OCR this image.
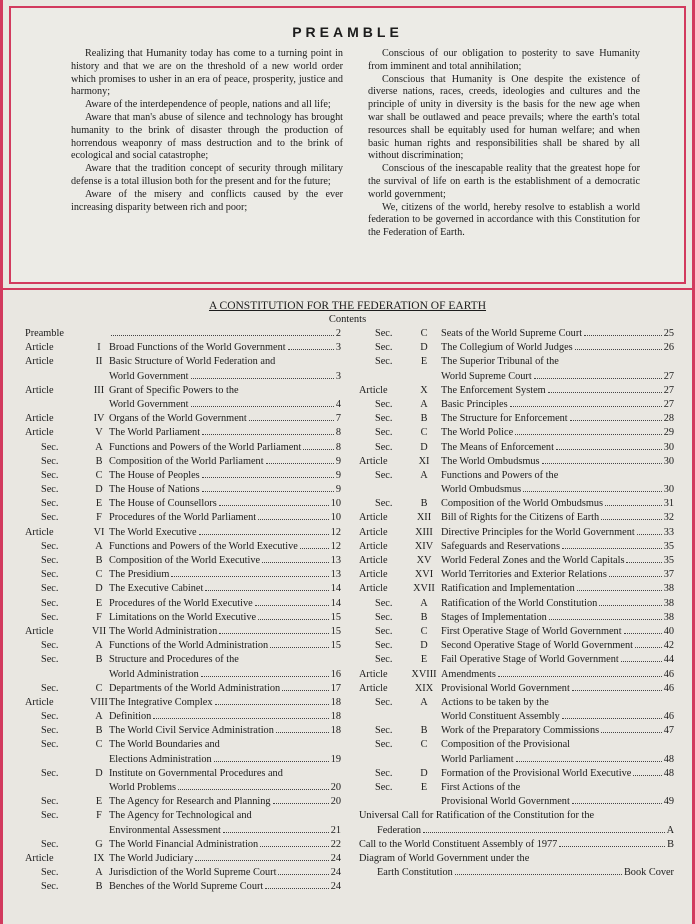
PREAMBLE

Realizing that Humanity today has come to a turning point in history and that we are on the threshold of a new world order which promises to usher in an era of peace, prosperity, justice and harmony;

Aware of the interdependence of people, nations and all life;

Aware that man's abuse of silence and technology has brought humanity to the brink of disaster through the production of horrendous weaponry of mass destruction and to the brink of ecological and social catastrophe;

Aware that the tradition concept of security through military defense is a total illusion both for the present and for the future;

Aware of the misery and conflicts caused by the ever increasing disparity between rich and poor;

Conscious of our obligation to posterity to save Humanity from imminent and total annihilation;

Conscious that Humanity is One despite the existence of diverse nations, races, creeds, ideologies and cultures and the principle of unity in diversity is the basis for the new age when war shall be outlawed and peace prevails; where the earth's total resources shall be equitably used for human welfare; and when basic human rights and responsibilities shall be shared by all without discrimination;

Conscious of the inescapable reality that the greatest hope for the survival of life on earth is the establishment of a democratic world government;

We, citizens of the world, hereby resolve to establish a world federation to be governed in accordance with this Constitution for the Federation of Earth.

A CONSTITUTION FOR THE FEDERATION OF EARTH
Contents
Preamble	2
Article	I Broad Functions of the World Government	3
Article	II Basic Structure of World Federation and
World Government	3
Article	III Grant of Specific Powers to the
World Government	4
Article	IV Organs of the World Government	7
Article	V The World Parliament	8
Sec.	A Functions and Powers of the World Parliament	8
Sec.	B Composition of the World Parliament	9
Sec.	C The House of Peoples	9
Sec.	D The House of Nations	9
Sec.	E The House of Counsellors	10
Sec.	F Procedures of the World Parliament	10
Article	VI The World Executive	12
Sec.	A Functions and Powers of the World Executive	12
Sec.	B Composition of the World Executive	13
Sec.	C The Presidium	13
Sec.	D The Executive Cabinet	14
Sec.	E Procedures of the World Executive	14
Sec.	F Limitations on the World Executive	15
Article	VII The World Administration	15
Sec.	A Functions of the World Administration	15
Sec.	B Structure and Procedures of the
World Administration	16
Sec.	C Departments of the World Administration	17
Article	VIII The Integrative Complex	18
Sec.	A Definition	18
Sec.	B The World Civil Service Administration	18
Sec.	C The World Boundaries and
Elections Administration	19
Sec.	D Institute on Governmental Procedures and
World Problems	20
Sec.	E The Agency for Research and Planning	20
Sec.	F The Agency for Technological and
Environmental Assessment	21
Sec.	G The World Financial Administration	22
Article	IX The World Judiciary	24
Sec.	A Jurisdiction of the World Supreme Court	24
Sec.	B Benches of the World Supreme Court	24
Sec.	C	Seats of the World Supreme Court	25
Sec.	D	The Collegium of World Judges	26
Sec.	E	The Superior Tribunal of the
World Supreme Court	27
Article	X	The Enforcement System	27
Sec.	A	Basic Principles	27
Sec.	B	The Structure for Enforcement	28
Sec.	C	The World Police	29
Sec.	D	The Means of Enforcement	30
Article	XI	The World Ombudsmus	30
Sec.	A	Functions and Powers of the
World Ombudsmus	30
Sec.	B	Composition of the World Ombudsmus	31
Article	XII Bill of Rights for the Citizens of Earth	32
Article	XIII Directive Principles for the World Government	33
Article	XIV Safeguards and Reservations	35
Article	XV World Federal Zones and the World Capitals	35
Article	XVI World Territories and Exterior Relations	37
Article	XVII Ratification and Implementation	38
Sec.	A	Ratification of the World Constitution	38
Sec.	B	Stages of Implementation	38
Sec.	C	First Operative Stage of World Government	40
Sec.	D	Second Operative Stage of World Government	42
Sec.	E	Fail Operative Stage of World Government	44
Article	XVIII Amendments	46
Article	XIX Provisional World Government	46
Sec.	A	Actions to be taken by the
World Constituent Assembly	46
Sec.	B	Work of the Preparatory Commissions	47
Sec.	C	Composition of the Provisional
World Parliament	48
Sec.	D	Formation of the Provisional World Executive	48
Sec.	E	First Actions of the
Provisional World Government	49
Universal Call for Ratification of the Constitution for the
Federation	A
Call to the World Constituent Assembly of 1977	B
Diagram of World Government under the
Earth Constitution	Book Cover
